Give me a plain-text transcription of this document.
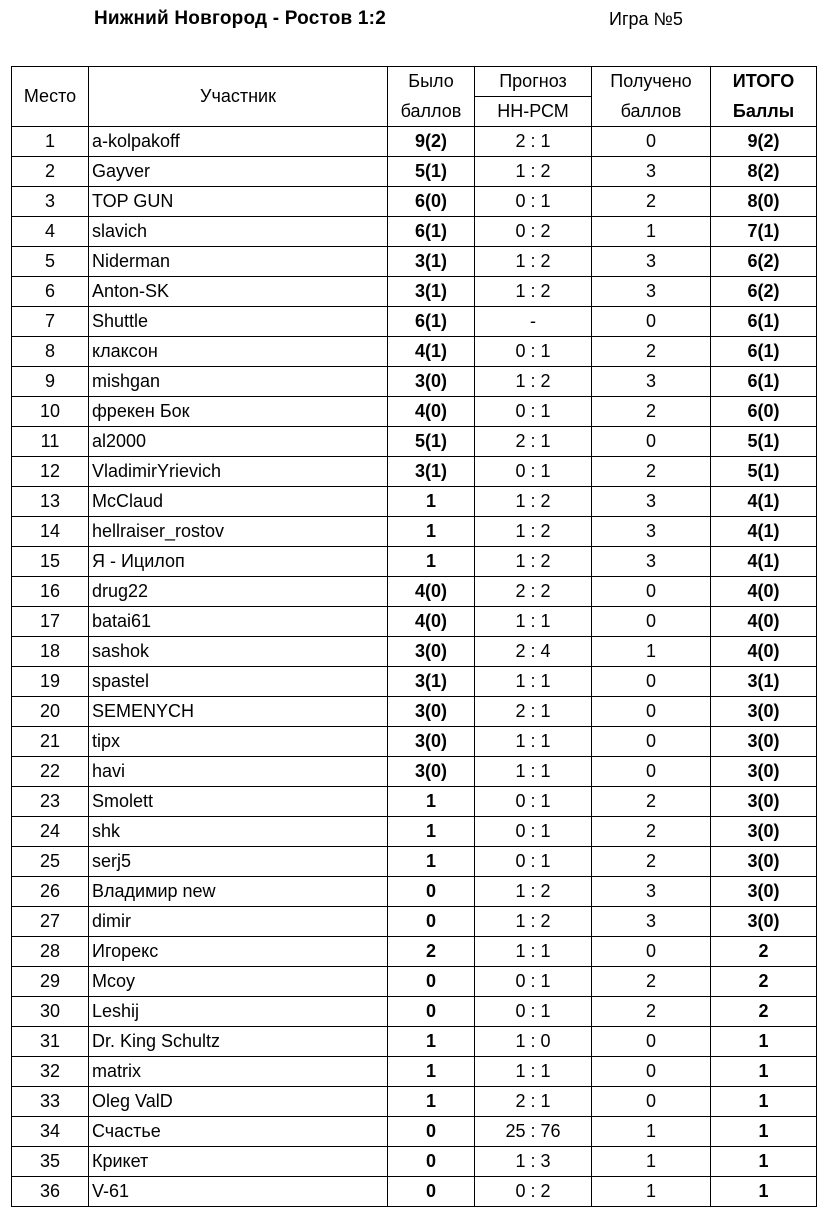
Нижний Новгород - Ростов 1:2	Игра №5
Место	Участник	Было	Прогноз	Получено	ИТОГО
		баллов	НН-РСМ	баллов	Баллы
1	a-kolpakoff	9(2)	2 : 1	0	9(2)
2	Gayver	5(1)	1 : 2	3	8(2)
3	TOP GUN	6(0)	0 : 1	2	8(0)
4	slavich	6(1)	0 : 2	1	7(1)
5	Niderman	3(1)	1 : 2	3	6(2)
6	Anton-SK	3(1)	1 : 2	3	6(2)
7	Shuttle	6(1)	-	0	6(1)
8	клаксон	4(1)	0 : 1	2	6(1)
9	mishgan	3(0)	1 : 2	3	6(1)
10	фрекен Бок	4(0)	0 : 1	2	6(0)
11	al2000	5(1)	2 : 1	0	5(1)
12	VladimirYrievich	3(1)	0 : 1	2	5(1)
13	McClaud	1	1 : 2	3	4(1)
14	hellraiser_rostov	1	1 : 2	3	4(1)
15	Я - Ицилоп	1	1 : 2	3	4(1)
16	drug22	4(0)	2 : 2	0	4(0)
17	batai61	4(0)	1 : 1	0	4(0)
18	sashok	3(0)	2 : 4	1	4(0)
19	spastel	3(1)	1 : 1	0	3(1)
20	SEMENYCH	3(0)	2 : 1	0	3(0)
21	tipx	3(0)	1 : 1	0	3(0)
22	havi	3(0)	1 : 1	0	3(0)
23	Smolett	1	0 : 1	2	3(0)
24	shk	1	0 : 1	2	3(0)
25	serj5	1	0 : 1	2	3(0)
26	Владимир new	0	1 : 2	3	3(0)
27	dimir	0	1 : 2	3	3(0)
28	Игорекс	2	1 : 1	0	2
29	Mcoy	0	0 : 1	2	2
30	Leshij	0	0 : 1	2	2
31	Dr. King Schultz	1	1 : 0	0	1
32	matrix	1	1 : 1	0	1
33	Oleg ValD	1	2 : 1	0	1
34	Счастье	0	25 : 76	1	1
35	Крикет	0	1 : 3	1	1
36	V-61	0	0 : 2	1	1
